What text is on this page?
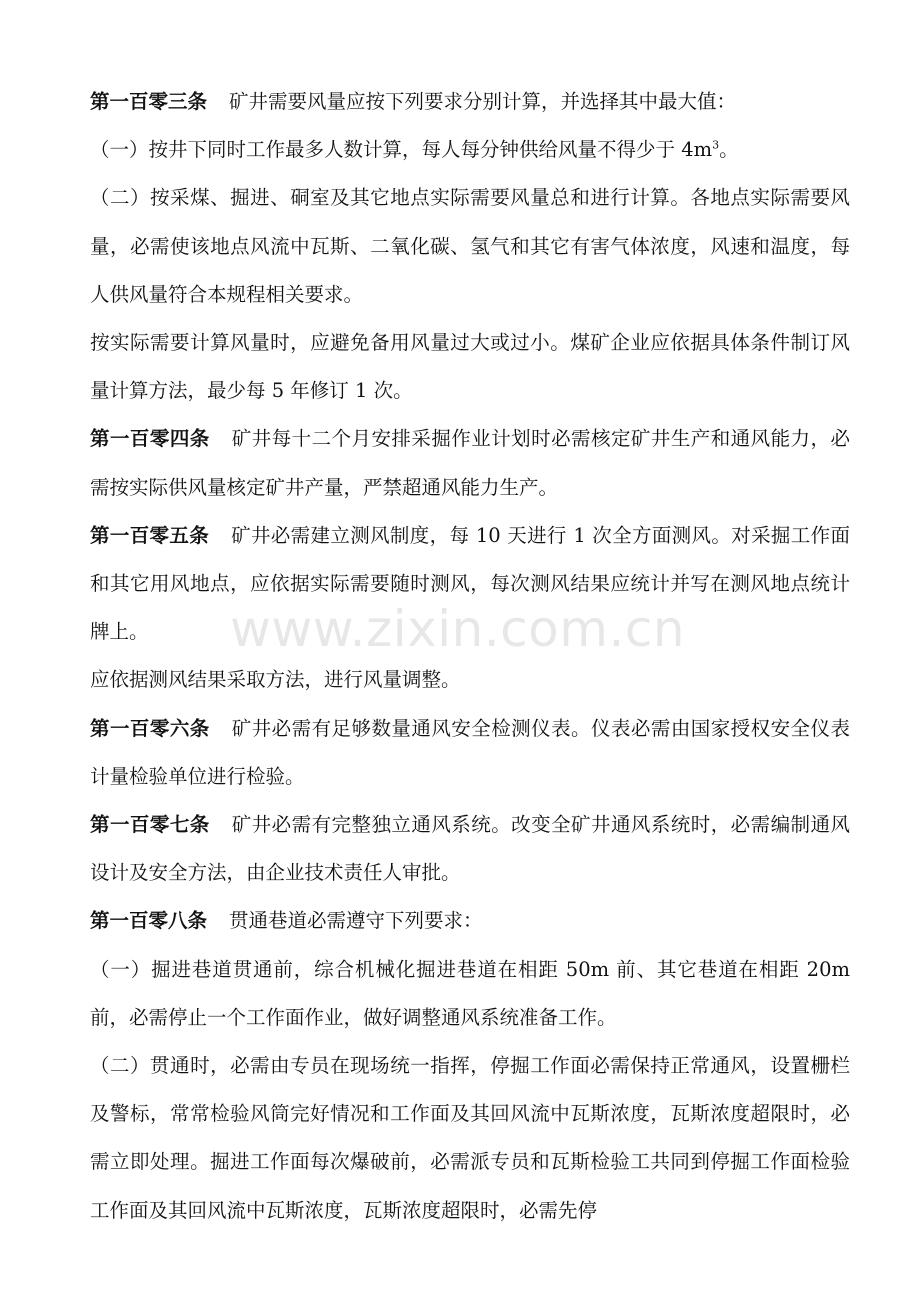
第一百零三条 矿井需要风量应按下列要求分别计算，并选择其中最大值：

（一）按井下同时工作最多人数计算，每人每分钟供给风量不得少于 $4m^3$。

（二）按采煤、掘进、硐室及其它地点实际需要风量总和进行计算。各地点实际需要风量，必需使该地点风流中瓦斯、二氧化碳、氢气和其它有害气体浓度，风速和温度，每人供风量符合本规程相关要求。

按实际需要计算风量时，应避免备用风量过大或过小。煤矿企业应依据具体条件制订风量计算方法，最少每 5 年修订 1 次。

第一百零四条 矿井每十二个月安排采掘作业计划时必需核定矿井生产和通风能力，必需按实际供风量核定矿井产量，严禁超通风能力生产。

第一百零五条 矿井必需建立测风制度，每 10 天进行 1 次全方面测风。对采掘工作面和其它用风地点，应依据实际需要随时测风，每次测风结果应统计并写在测风地点统计牌上。

应依据测风结果采取方法，进行风量调整。

第一百零六条 矿井必需有足够数量通风安全检测仪表。仪表必需由国家授权安全仪表计量检验单位进行检验。

第一百零七条 矿井必需有完整独立通风系统。改变全矿井通风系统时，必需编制通风设计及安全方法，由企业技术责任人审批。

第一百零八条 贯通巷道必需遵守下列要求：

（一）掘进巷道贯通前，综合机械化掘进巷道在相距 50m 前、其它巷道在相距 20m 前，必需停止一个工作面作业，做好调整通风系统准备工作。

（二）贯通时，必需由专员在现场统一指挥，停掘工作面必需保持正常通风，设置栅栏及警标，常常检验风筒完好情况和工作面及其回风流中瓦斯浓度，瓦斯浓度超限时，必需立即处理。掘进工作面每次爆破前，必需派专员和瓦斯检验工共同到停掘工作面检验工作面及其回风流中瓦斯浓度，瓦斯浓度超限时，必需先停

www.zixin.com.cn
